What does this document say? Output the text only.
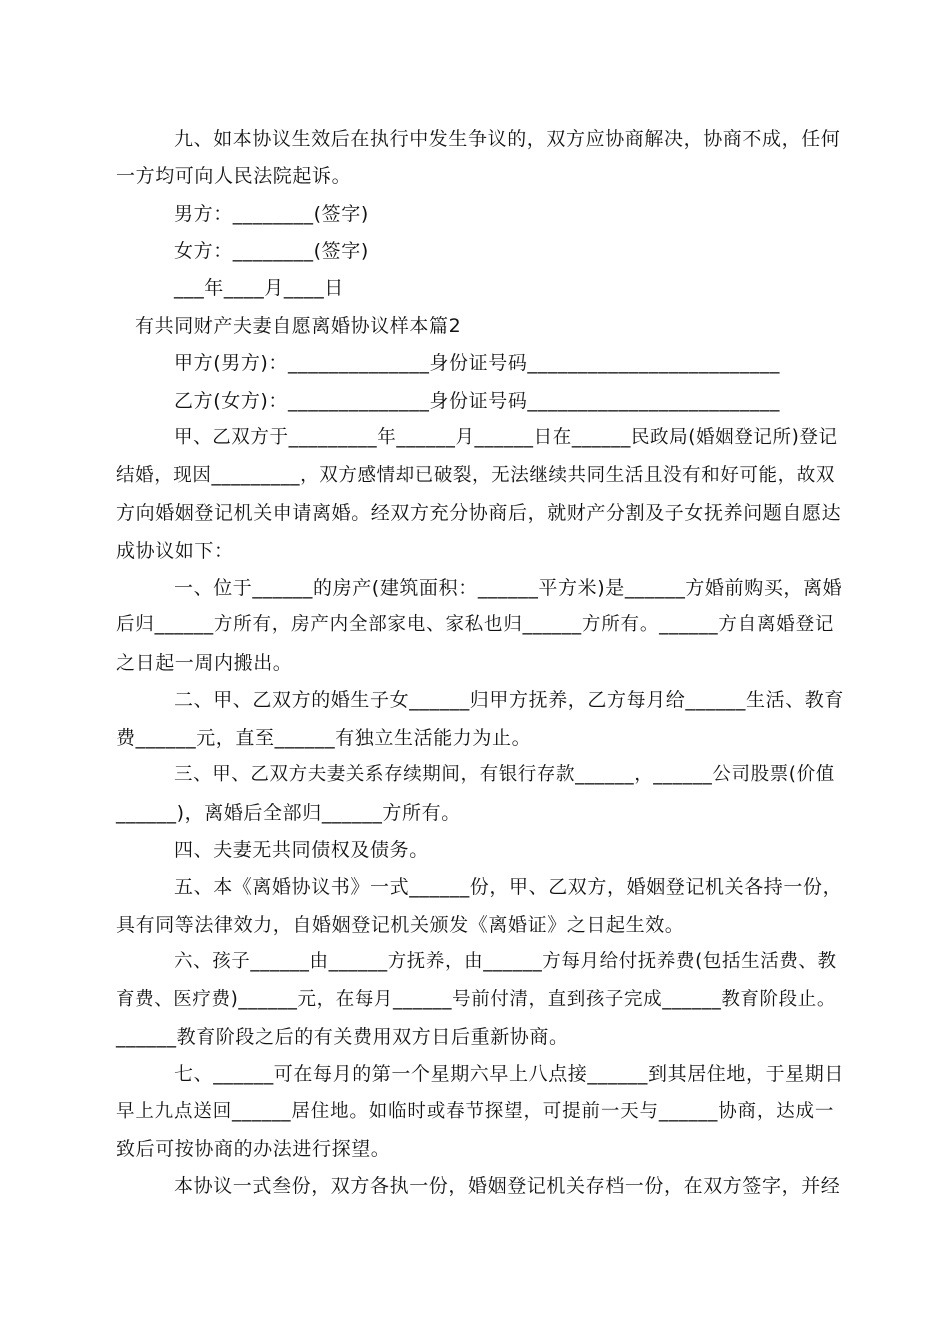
九、如本协议生效后在执行中发生争议的，双方应协商解决，协商不成，任何
一方均可向人民法院起诉。
男方：________(签字)
女方：________(签字)
___年____月____日
有共同财产夫妻自愿离婚协议样本篇2
甲方(男方)：______________身份证号码_________________________
乙方(女方)：______________身份证号码_________________________
甲、乙双方于_________年______月______日在______民政局(婚姻登记所)登记
结婚，现因_________，双方感情却已破裂，无法继续共同生活且没有和好可能，故双
方向婚姻登记机关申请离婚。经双方充分协商后，就财产分割及子女抚养问题自愿达
成协议如下：
一、位于______的房产(建筑面积：______平方米)是______方婚前购买，离婚
后归______方所有，房产内全部家电、家私也归______方所有。______方自离婚登记
之日起一周内搬出。
二、甲、乙双方的婚生子女______归甲方抚养，乙方每月给______生活、教育
费______元，直至______有独立生活能力为止。
三、甲、乙双方夫妻关系存续期间，有银行存款______，______公司股票(价值
______)，离婚后全部归______方所有。
四、夫妻无共同债权及债务。
五、本《离婚协议书》一式______份，甲、乙双方，婚姻登记机关各持一份，
具有同等法律效力，自婚姻登记机关颁发《离婚证》之日起生效。
六、孩子______由______方抚养，由______方每月给付抚养费(包括生活费、教
育费、医疗费)______元，在每月______号前付清，直到孩子完成______教育阶段止。
______教育阶段之后的有关费用双方日后重新协商。
七、______可在每月的第一个星期六早上八点接______到其居住地，于星期日
早上九点送回______居住地。如临时或春节探望，可提前一天与______协商，达成一
致后可按协商的办法进行探望。
本协议一式叁份，双方各执一份，婚姻登记机关存档一份，在双方签字，并经
